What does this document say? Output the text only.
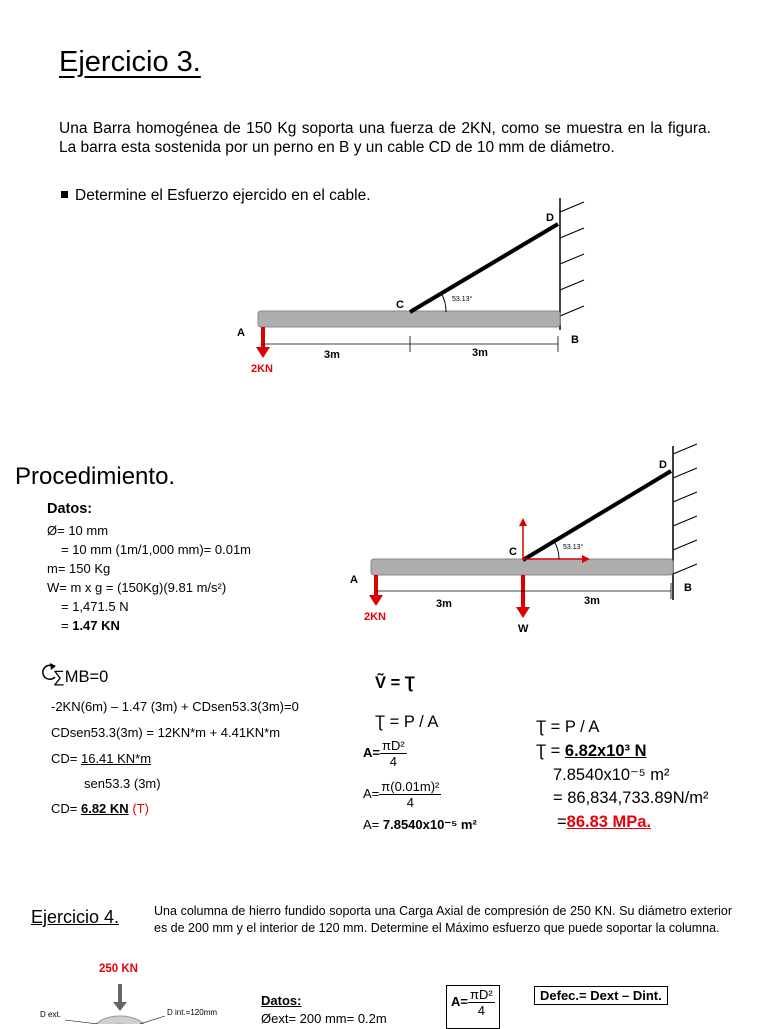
Ejercicio 3.
Una Barra homogénea de 150 Kg soporta una fuerza de 2KN, como se muestra en la figura. La barra esta sostenida por un perno en B y un cable CD de 10 mm de diámetro.
Determine el Esfuerzo ejercido en el cable.
53.13°
C
D
A
B
2KN
3m	3m
Procedimiento.
53.13°
C
D
A
B
2KN
W
3m	3m
Datos:
Ø= 10 mm
= 10 mm (1m/1,000 mm)= 0.01m
m= 150 Kg
W= m x g = (150Kg)(9.81 m/s²)
= 1,471.5 N
= 1.47 KN
∑MB=0
-2KN(6m) – 1.47 (3m) + CDsen53.3(3m)=0
CDsen53.3(3m) = 12KN*m + 4.41KN*m
CD= 16.41 KN*m
sen53.3 (3m)
CD= 6.82 KN (T)
Ṽ = Ʈ
Ʈ = P / A
$A= \frac{\text{πD²}}{4}$
$A= \frac{\text{π(0.01m)²}}{4}$
A= 7.8540x10⁻⁵ m²
Ʈ = P / A
Ʈ = 6.82x10³ N
7.8540x10⁻⁵ m²
= 86,834,733.89N/m²
=86.83 MPa.
Ejercicio 4.	Una columna de hierro fundido soporta una Carga Axial de compresión de 250 KN. Su diámetro exterior es de 200 mm y el interior de 120 mm. Determine el Máximo esfuerzo que puede soportar la columna.
250 KN
D ext.	D int.=120mm
Datos:
Øext= 200 mm= 0.2m
$A= \frac{\text{πD²}}{4}$	Defec.= Dext – Dint.
